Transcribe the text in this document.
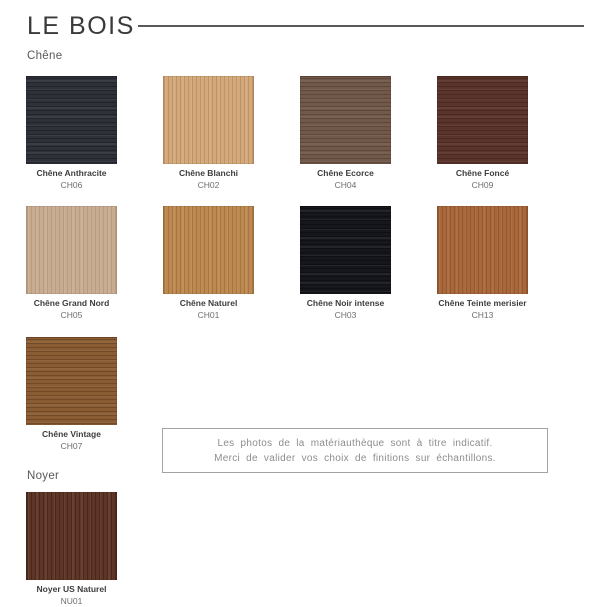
LE BOIS
Chêne
Chêne Anthracite
CH06
Chêne Blanchi
CH02
Chêne Ecorce
CH04
Chêne Foncé
CH09
Chêne Grand Nord
CH05
Chêne Naturel
CH01
Chêne Noir intense
CH03
Chêne Teinte merisier
CH13
Chêne Vintage
CH07	Les photos de la matériauthèque sont à titre indicatif.
Merci de valider vos choix de finitions sur échantillons.
Noyer
Noyer US Naturel
NU01
